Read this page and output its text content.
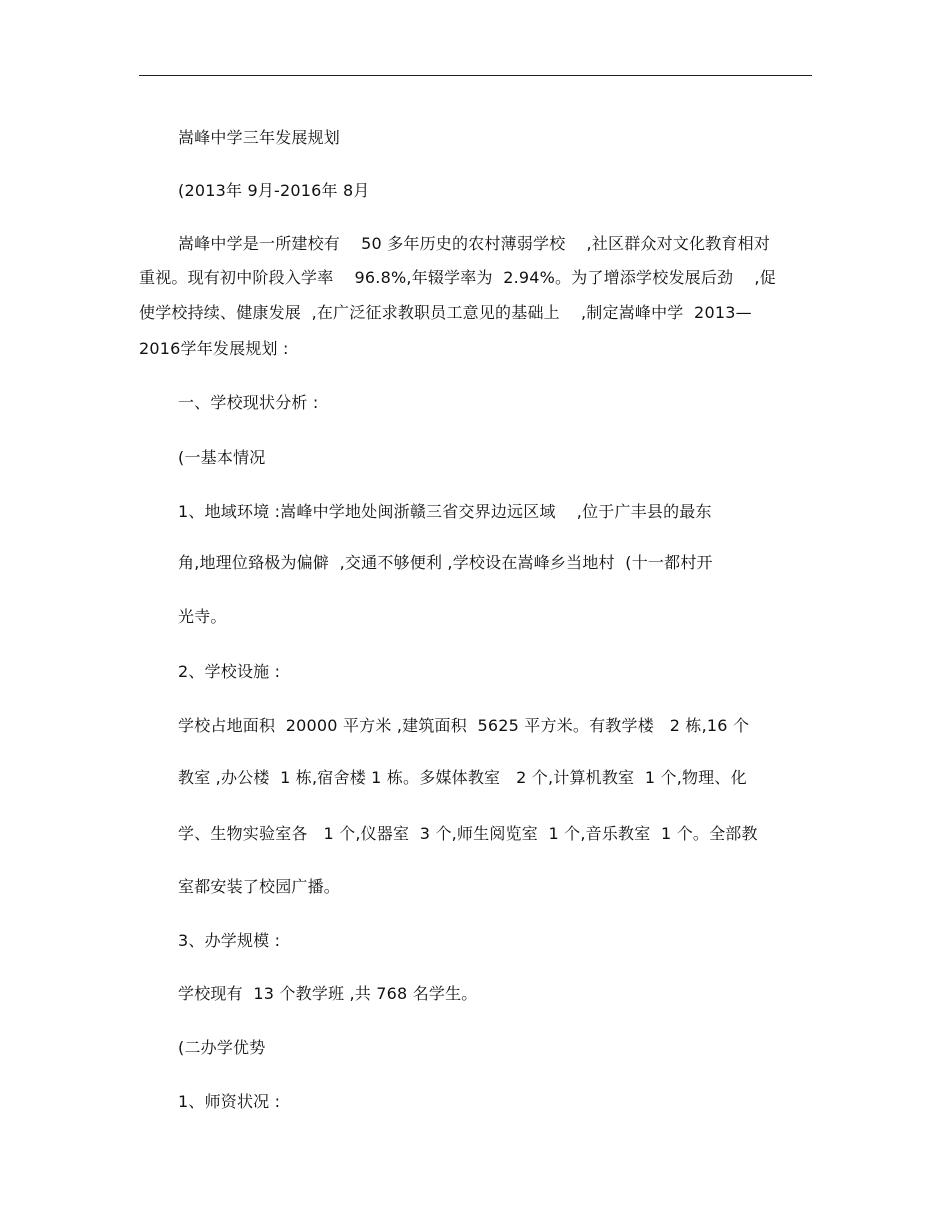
嵩峰中学三年发展规划
(2013年 9月-2016年 8月
嵩峰中学是一所建校有    50 多年历史的农村薄弱学校    ,社区群众对文化教育相对
重视。现有初中阶段入学率    96.8%,年辍学率为  2.94%。为了增添学校发展后劲    ,促
使学校持续、健康发展  ,在广泛征求教职员工意见的基础上    ,制定嵩峰中学  2013—
2016学年发展规划 :
一、学校现状分析 :
(一基本情况
1、地域环境 :嵩峰中学地处闽浙赣三省交界边远区域    ,位于广丰县的最东
角,地理位臵极为偏僻  ,交通不够便利 ,学校设在嵩峰乡当地村  (十一都村开
光寺。
2、学校设施 :
学校占地面积  20000 平方米 ,建筑面积  5625 平方米。有教学楼   2 栋,16 个
教室 ,办公楼  1 栋,宿舍楼 1 栋。多媒体教室   2 个,计算机教室  1 个,物理、化
学、生物实验室各   1 个,仪器室  3 个,师生阅览室  1 个,音乐教室  1 个。全部教
室都安装了校园广播。
3、办学规模 :
学校现有  13 个教学班 ,共 768 名学生。
(二办学优势
1、师资状况 :
